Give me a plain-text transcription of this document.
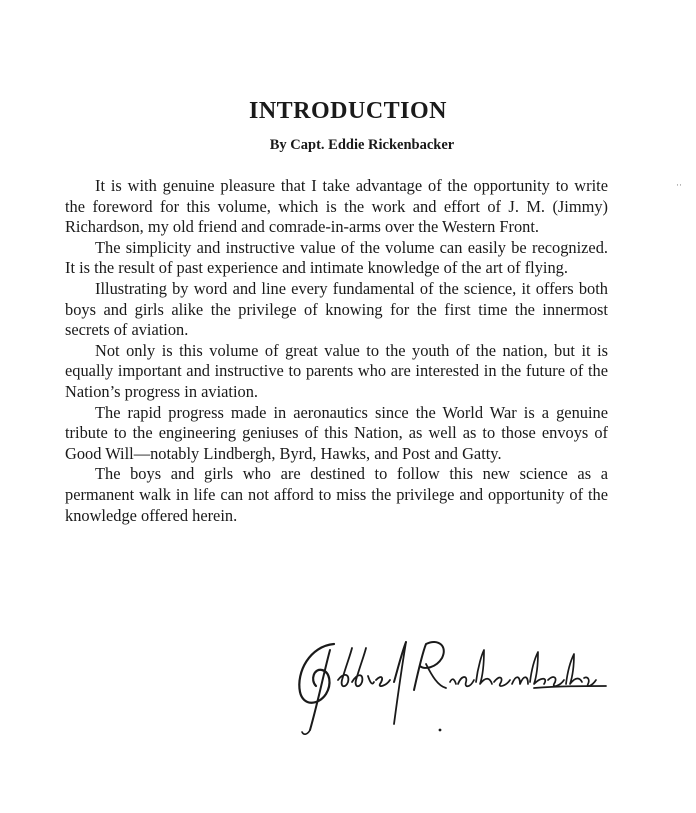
INTRODUCTION
By Capt. Eddie Rickenbacker

It is with genuine pleasure that I take advantage of the opportunity to write the foreword for this volume, which is the work and effort of J. M. (Jimmy) Richardson, my old friend and comrade-in-arms over the Western Front.

The simplicity and instructive value of the volume can easily be recognized. It is the result of past experience and intimate knowledge of the art of flying.

Illustrating by word and line every fundamental of the science, it offers both boys and girls alike the privilege of knowing for the first time the innermost secrets of aviation.

Not only is this volume of great value to the youth of the nation, but it is equally important and instructive to parents who are interested in the future of the Nation’s progress in aviation.

The rapid progress made in aeronautics since the World War is a genuine tribute to the engineering geniuses of this Nation, as well as to those envoys of Good Will—notably Lindbergh, Byrd, Hawks, and Post and Gatty.

The boys and girls who are destined to follow this new science as a permanent walk in life can not afford to miss the privilege and opportunity of the knowledge offered herein.

··
